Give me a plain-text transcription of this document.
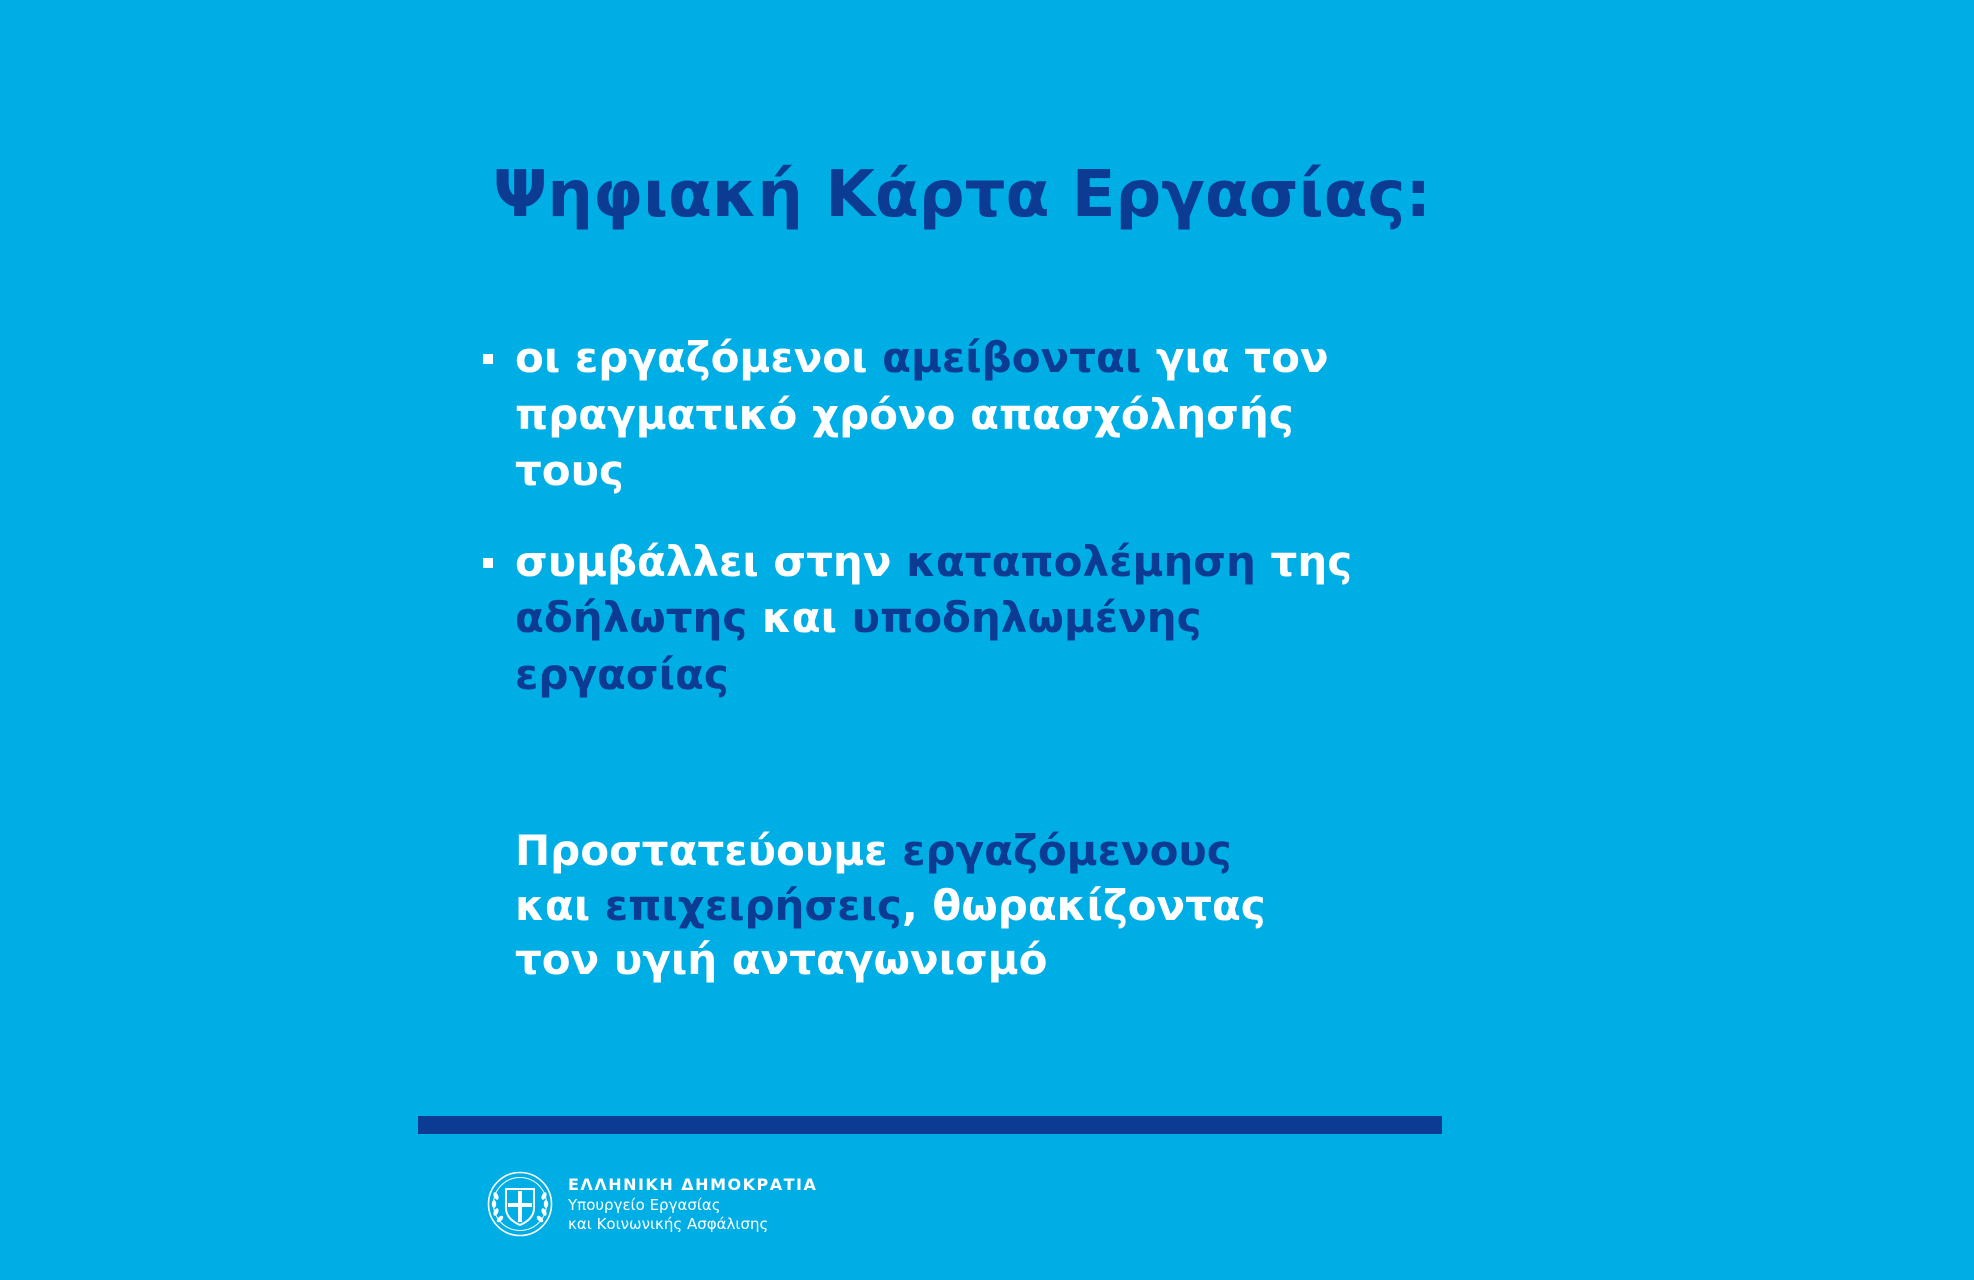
Ψηφιακή Κάρτα Εργασίας:
οι εργαζόμενοι αμείβονται για τον πραγματικό χρόνο απασχόλησής τους
συμβάλλει στην καταπολέμηση της
αδήλωτης και υποδηλωμένης εργασίας

Προστατεύουμε εργαζόμενους
και επιχειρήσεις, θωρακίζοντας
τον υγιή ανταγωνισμό

ΕΛΛΗΝΙΚΗ ΔΗΜΟΚΡΑΤΙΑ
Υπουργείο Εργασίας
και Κοινωνικής Ασφάλισης
